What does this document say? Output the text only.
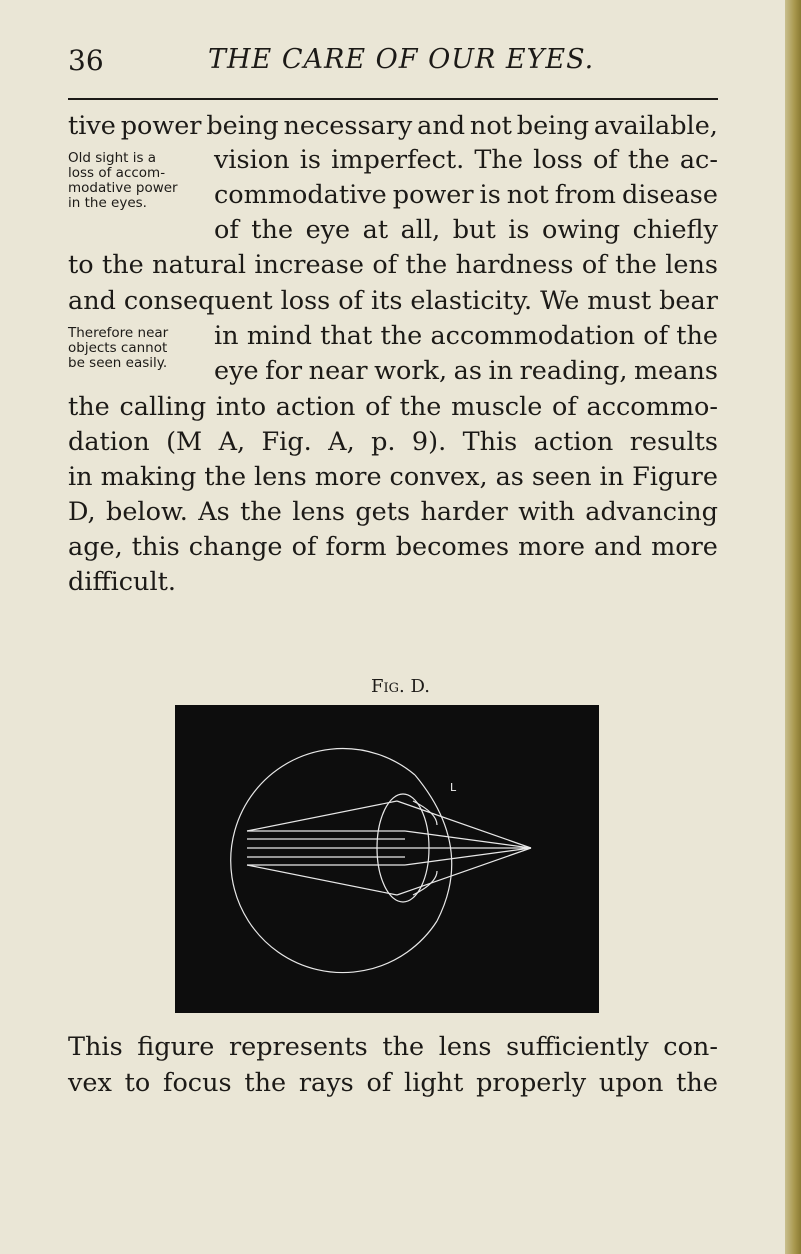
36	THE CARE OF OUR EYES.
tive power being necessary and not being available,
vision is imperfect. The loss of the ac-
commodative power is not from disease
of the eye at all, but is owing chiefly
to the natural increase of the hardness of the lens
and consequent loss of its elasticity. We must bear
in mind that the accommodation of the
eye for near work, as in reading, means
the calling into action of the muscle of accommo-
dation (M A, Fig. A, p. 9). This action results
in making the lens more convex, as seen in Figure
D, below. As the lens gets harder with advancing
age, this change of form becomes more and more
difficult.
Old sight is a
loss of accom-
modative power
in the eyes.
Therefore near
objects cannot
be seen easily.
Fig. D.
L
This figure represents the lens sufficiently con-
vex to focus the rays of light properly upon the
